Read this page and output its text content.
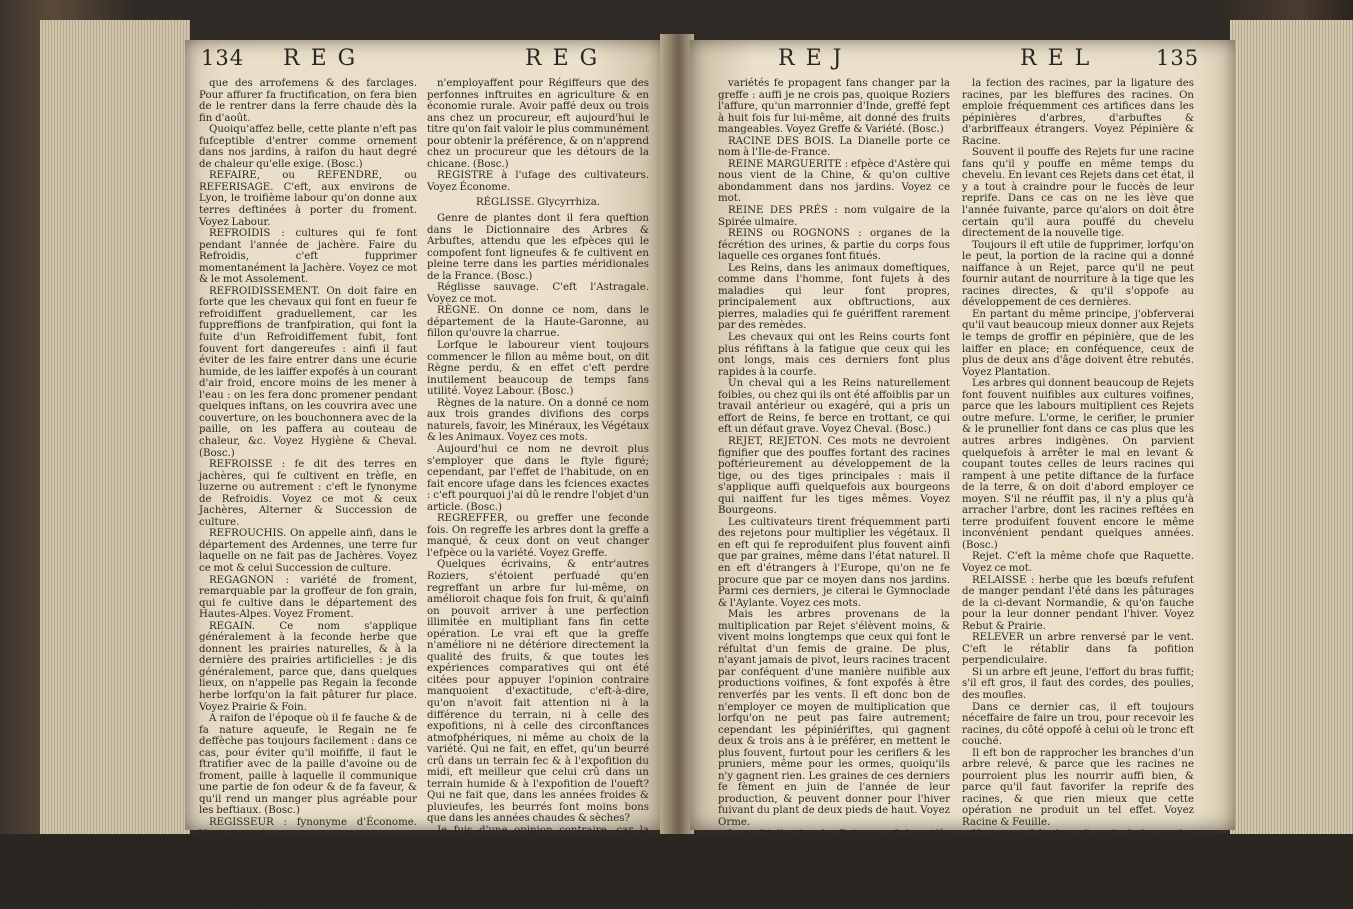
134 REG	REG

que des arrofemens & des farclages. Pour affurer fa fructification, on fera bien de le rentrer dans la ferre chaude dès la fin d'août.

Quoiqu'affez belle, cette plante n'eft pas fufceptible d'entrer comme ornement dans nos jardins, à raifon du haut degré de chaleur qu'elle exige. (Bosc.)

REFAIRE, ou REFENDRE, ou REFERISAGE. C'eft, aux environs de Lyon, le troifième labour qu'on donne aux terres deftinées à porter du froment. Voyez Labour.

REFROIDIS : cultures qui fe font pendant l'année de jachère. Faire du Refroidis, c'eft fupprimer momentanément la Jachère. Voyez ce mot & le mot Assolement.

REFROIDISSEMENT. On doit faire en forte que les chevaux qui font en fueur fe refroidiffent graduellement, car les fuppreffions de tranfpiration, qui font la fuite d'un Refroidiffement fubit, font fouvent fort dangereufes : ainfi il faut éviter de les faire entrer dans une écurie humide, de les laiffer expofés à un courant d'air froid, encore moins de les mener à l'eau : on les fera donc promener pendant quelques inftans, on les couvrira avec une couverture, on les bouchonnera avec de la paille, on les paffera au couteau de chaleur, &c. Voyez Hygiène & Cheval. (Bosc.)

REFROISSE : fe dit des terres en jachères, qui fe cultivent en trèfle, en luzerne ou autrement : c'eft le fynonyme de Refroidis. Voyez ce mot & ceux Jachères, Alterner & Succession de culture.

REFROUCHIS. On appelle ainfi, dans le département des Ardennes, une terre fur laquelle on ne fait pas de Jachères. Voyez ce mot & celui Succession de culture.

REGAGNON : variété de froment, remarquable par la groffeur de fon grain, qui fe cultive dans le département des Hautes-Alpes. Voyez Froment.

REGAIN. Ce nom s'applique généralement à la feconde herbe que donnent les prairies naturelles, & à la dernière des prairies artificielles : je dis généralement, parce que, dans quelques lieux, on n'appelle pas Regain la feconde herbe lorfqu'on la fait pâturer fur place. Voyez Prairie & Foin.

A raifon de l'époque où il fe fauche & de fa nature aqueufe, le Regain ne fe deffèche pas toujours facilement : dans ce cas, pour éviter qu'il moififfe, il faut le ftratifier avec de la paille d'avoine ou de froment, paille à laquelle il communique une partie de fon odeur & de fa faveur, & qu'il rend un manger plus agréable pour les beftiaux. (Bosc.)

REGISSEUR : fynonyme d'Économe. Voyez ce mot.

Un Régiffeur femble cependant avoir reçu une éducation plus diftinguée, & furveiller une plus grande étendue de bien.

Il feroit bien à defirer que les propriétaires

n'employaffent pour Régiffeurs que des perfonnes inftruites en agriculture & en économie rurale. Avoir paffé deux ou trois ans chez un procureur, eft aujourd'hui le titre qu'on fait valoir le plus communément pour obtenir la préférence, & on n'apprend chez un procureur que les détours de la chicane. (Bosc.)

REGISTRE à l'ufage des cultivateurs. Voyez Économe.

RÉGLISSE. Glycyrrhiza.

Genre de plantes dont il fera queftion dans le Dictionnaire des Arbres & Arbuftes, attendu que les efpèces qui le compofent font ligneufes & fe cultivent en pleine terre dans les parties méridionales de la France. (Bosc.)

Réglisse sauvage. C'eft l'Astragale. Voyez ce mot.

RÈGNE. On donne ce nom, dans le département de la Haute-Garonne, au fillon qu'ouvre la charrue.

Lorfque le laboureur vient toujours commencer le fillon au même bout, on dit Règne perdu, & en effet c'eft perdre inutilement beaucoup de temps fans utilité. Voyez Labour. (Bosc.)

Règnes de la nature. On a donné ce nom aux trois grandes divifions des corps naturels, favoir, les Minéraux, les Végétaux & les Animaux. Voyez ces mots.

Aujourd'hui ce nom ne devroit plus s'employer que dans le ftyle figuré; cependant, par l'effet de l'habitude, on en fait encore ufage dans les fciences exactes : c'eft pourquoi j'ai dû le rendre l'objet d'un article. (Bosc.)

REGREFFER, ou greffer une feconde fois. On regreffe les arbres dont la greffe a manqué, & ceux dont on veut changer l'efpèce ou la variété. Voyez Greffe.

Quelques écrivains, & entr'autres Roziers, s'étoient perfuadé qu'en regreffant un arbre fur lui-même, on amélioroit chaque fois fon fruit, & qu'ainfi on pouvoit arriver à une perfection illimitée en multipliant fans fin cette opération. Le vrai eft que la greffe n'améliore ni ne détériore directement la qualité des fruits, & que toutes les expériences comparatives qui ont été citées pour appuyer l'opinion contraire manquoient d'exactitude, c'eft-à-dire, qu'on n'avoit fait attention ni à la différence du terrain, ni à celle des expofitions, ni à celle des circonftances atmofphériques, ni même au choix de la variété. Qui ne fait, en effet, qu'un beurré crû dans un terrain fec & à l'expofition du midi, eft meilleur que celui crû dans un terrain humide & à l'expofition de l'oueft? Qui ne fait que, dans les années froides & pluvieufes, les beurrés font moins bons que dans les années chaudes & sèches?

Je fuis d'une opinion contraire, car la théorie & la pratique prouvent que les efpèces & les

REJ	REL	135

variétés fe propagent fans changer par la greffe : auffi je ne crois pas, quoique Roziers l'affure, qu'un marronnier d'Inde, greffé fept à huit fois fur lui-même, ait donné des fruits mangeables. Voyez Greffe & Variété. (Bosc.)

RACINE DES BOIS. La Dianelle porte ce nom à l'Ile-de-France.

REINE MARGUERITE : efpèce d'Astère qui nous vient de la Chine, & qu'on cultive abondamment dans nos jardins. Voyez ce mot.

REINE DES PRÉS : nom vulgaire de la Spirée ulmaire.

REINS ou ROGNONS : organes de la fécrétion des urines, & partie du corps fous laquelle ces organes font fitués.

Les Reins, dans les animaux domeftiques, comme dans l'homme, font fujets à des maladies qui leur font propres, principalement aux obftructions, aux pierres, maladies qui fe guériffent rarement par des remèdes.

Les chevaux qui ont les Reins courts font plus réfiftans à la fatigue que ceux qui les ont longs, mais ces derniers font plus rapides à la courfe.

Un cheval qui a les Reins naturellement foibles, ou chez qui ils ont été affoiblis par un travail antérieur ou exagéré, qui a pris un effort de Reins, fe berce en trottant, ce qui eft un défaut grave. Voyez Cheval. (Bosc.)

REJET, REJETON. Ces mots ne devroient fignifier que des pouffes fortant des racines poftérieurement au développement de la tige, ou des tiges principales : mais il s'applique auffi quelquefois aux bourgeons qui naiffent fur les tiges mêmes. Voyez Bourgeons.

Les cultivateurs tirent fréquemment parti des rejetons pour multiplier les végétaux. Il en eft qui fe reproduifent plus fouvent ainfi que par graines, même dans l'état naturel. Il en eft d'étrangers à l'Europe, qu'on ne fe procure que par ce moyen dans nos jardins. Parmi ces derniers, je citerai le Gymnoclade & l'Aylante. Voyez ces mots.

Mais les arbres provenans de la multiplication par Rejet s'élèvent moins, & vivent moins longtemps que ceux qui font le réfultat d'un femis de graine. De plus, n'ayant jamais de pivot, leurs racines tracent par conféquent d'une manière nuifible aux productions voifines, & font expofés à être renverfés par les vents. Il eft donc bon de n'employer ce moyen de multiplication que lorfqu'on ne peut pas faire autrement; cependant les pépiniériftes, qui gagnent deux & trois ans à le préférer, en mettent le plus fouvent, furtout pour les ceriflers & les pruniers, même pour les ormes, quoiqu'ils n'y gagnent rien. Les graines de ces derniers fe fèment en juin de l'année de leur production, & peuvent donner pour l'hiver fuivant du plant de deux pieds de haut. Voyez Orme.

La multiplication des Rejetons eft favorifée par

la fection des racines, par la ligature des racines, par les bleffures des racines. On emploie fréquemment ces artifices dans les pépinières d'arbres, d'arbuftes & d'arbriffeaux étrangers. Voyez Pépinière & Racine.

Souvent il pouffe des Rejets fur une racine fans qu'il y pouffe en même temps du chevelu. En levant ces Rejets dans cet état, il y a tout à craindre pour le fuccès de leur reprife. Dans ce cas on ne les lève que l'année fuivante, parce qu'alors on doit être certain qu'il aura pouffé du chevelu directement de la nouvelle tige.

Toujours il eft utile de fupprimer, lorfqu'on le peut, la portion de la racine qui a donné naiffance à un Rejet, parce qu'il ne peut fournir autant de nourriture à la tige que les racines directes, & qu'il s'oppofe au développement de ces dernières.

En partant du même principe, j'obferverai qu'il vaut beaucoup mieux donner aux Rejets le temps de groffir en pépinière, que de les laiffer en place; en conféquence, ceux de plus de deux ans d'âge doivent être rebutés. Voyez Plantation.

Les arbres qui donnent beaucoup de Rejets font fouvent nuifibles aux cultures voifines, parce que les labours multiplient ces Rejets outre mefure. L'orme, le cerifier, le prunier & le prunellier font dans ce cas plus que les autres arbres indigènes. On parvient quelquefois à arrêter le mal en levant & coupant toutes celles de leurs racines qui rampent à une petite diftance de la furface de la terre, & on doit d'abord employer ce moyen. S'il ne réuffit pas, il n'y a plus qu'à arracher l'arbre, dont les racines reftées en terre produifent fouvent encore le même inconvénient pendant quelques années. (Bosc.)

Rejet. C'eft la même chofe que Raquette. Voyez ce mot.

RELAISSE : herbe que les bœufs refufent de manger pendant l'été dans les pâturages de la ci-devant Normandie, & qu'on fauche pour la leur donner pendant l'hiver. Voyez Rebut & Prairie.

RELEVER un arbre renversé par le vent. C'eft le rétablir dans fa pofition perpendiculaire.

Si un arbre eft jeune, l'effort du bras fuffit; s'il eft gros, il faut des cordes, des poulies, des moufles.

Dans ce dernier cas, il eft toujours néceffaire de faire un trou, pour recevoir les racines, du côté oppofé à celui où le tronc eft couché.

Il eft bon de rapprocher les branches d'un arbre relevé, & parce que les racines ne pourroient plus les nourrir auffi bien, & parce qu'il faut favorifer la reprife des racines, & que rien mieux que cette opération ne produit un tel effet. Voyez Racine & Feuille.

Un tuteur, fi l'arbre eft petit, & des cordes attachées à un arbre voifin ou à des pieux éloignés
